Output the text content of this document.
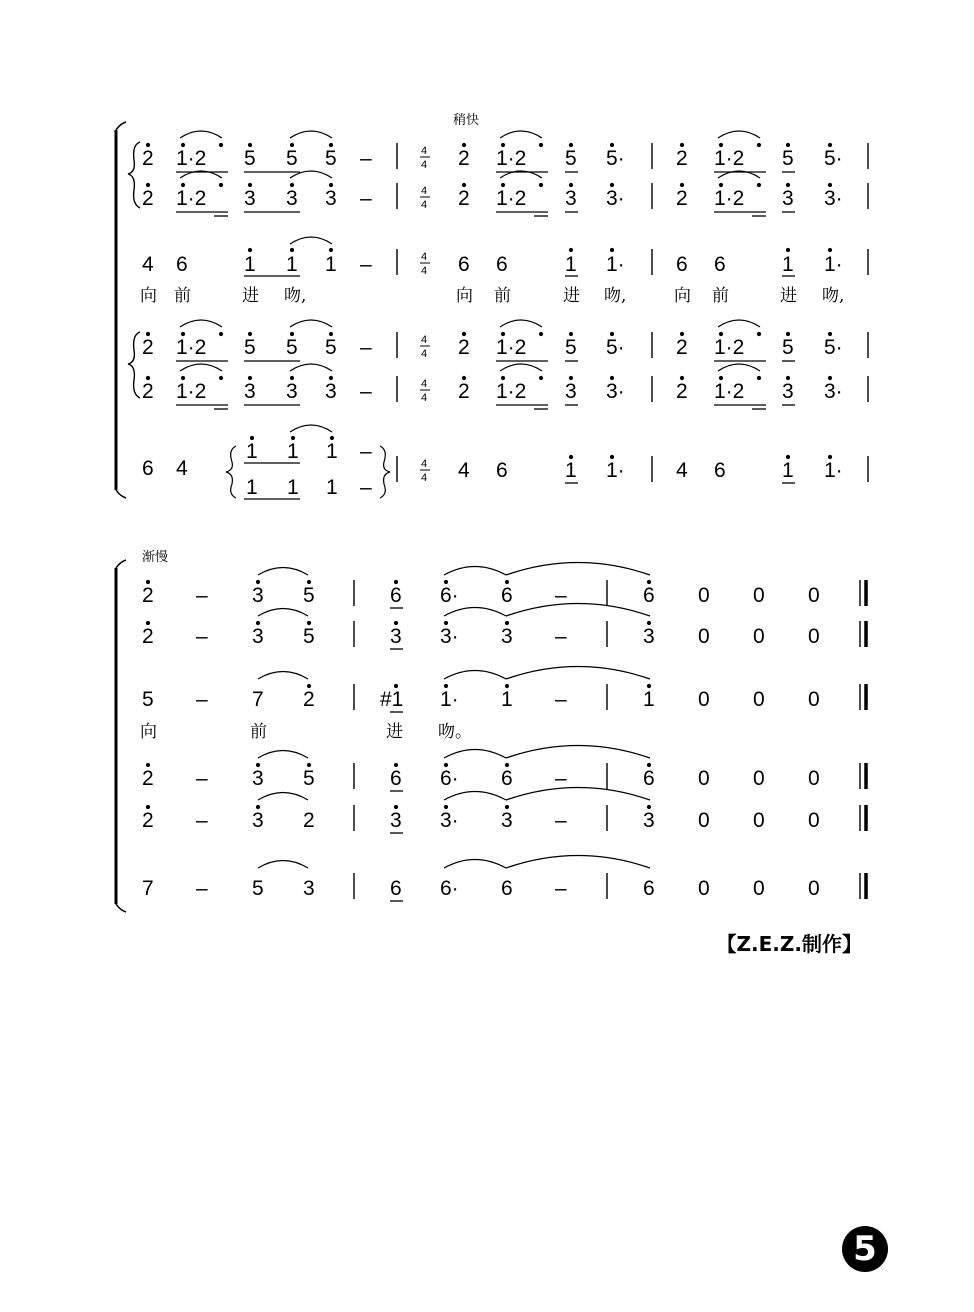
稍快
渐慢
2 1·2 5 5 5 –	2 1·2 5 5· 2 1·2 5 5·
2 1·2 3 3 3 –	2 1·2 3 3· 2 1·2 3 3·
4 6	1 1 1 –	6 6	1 1· 6 6	1 1·
向 前	进 吻,	向 前	进 吻,	向 前	进 吻,
2 1·2 5 5 5 –	2 1·2 5 5· 2 1·2 5 5·
2 1·2 3 3 3 –	2 1·2 3 3· 2 1·2 3 3·
6 4
1 1 1 –
1 1 1 –
4 6	1 1· 4 6	1 1·
4
4
4
4
4
4
4
4
4
4
4
4
2 – 3 5	6 6· 6 –	6 0 0 0
2 – 3 5	3 3· 3 –	3 0 0 0
5 – 7 2	#1 1· 1 –	1 0 0 0
向	前	进 吻。
2 – 3 5	6 6· 6 –	6 0 0 0
2 – 3 2	3 3· 3 –	3 0 0 0
7 – 5 3	6 6· 6 –	6 0 0 0
【Z.E.Z.制作】
5
